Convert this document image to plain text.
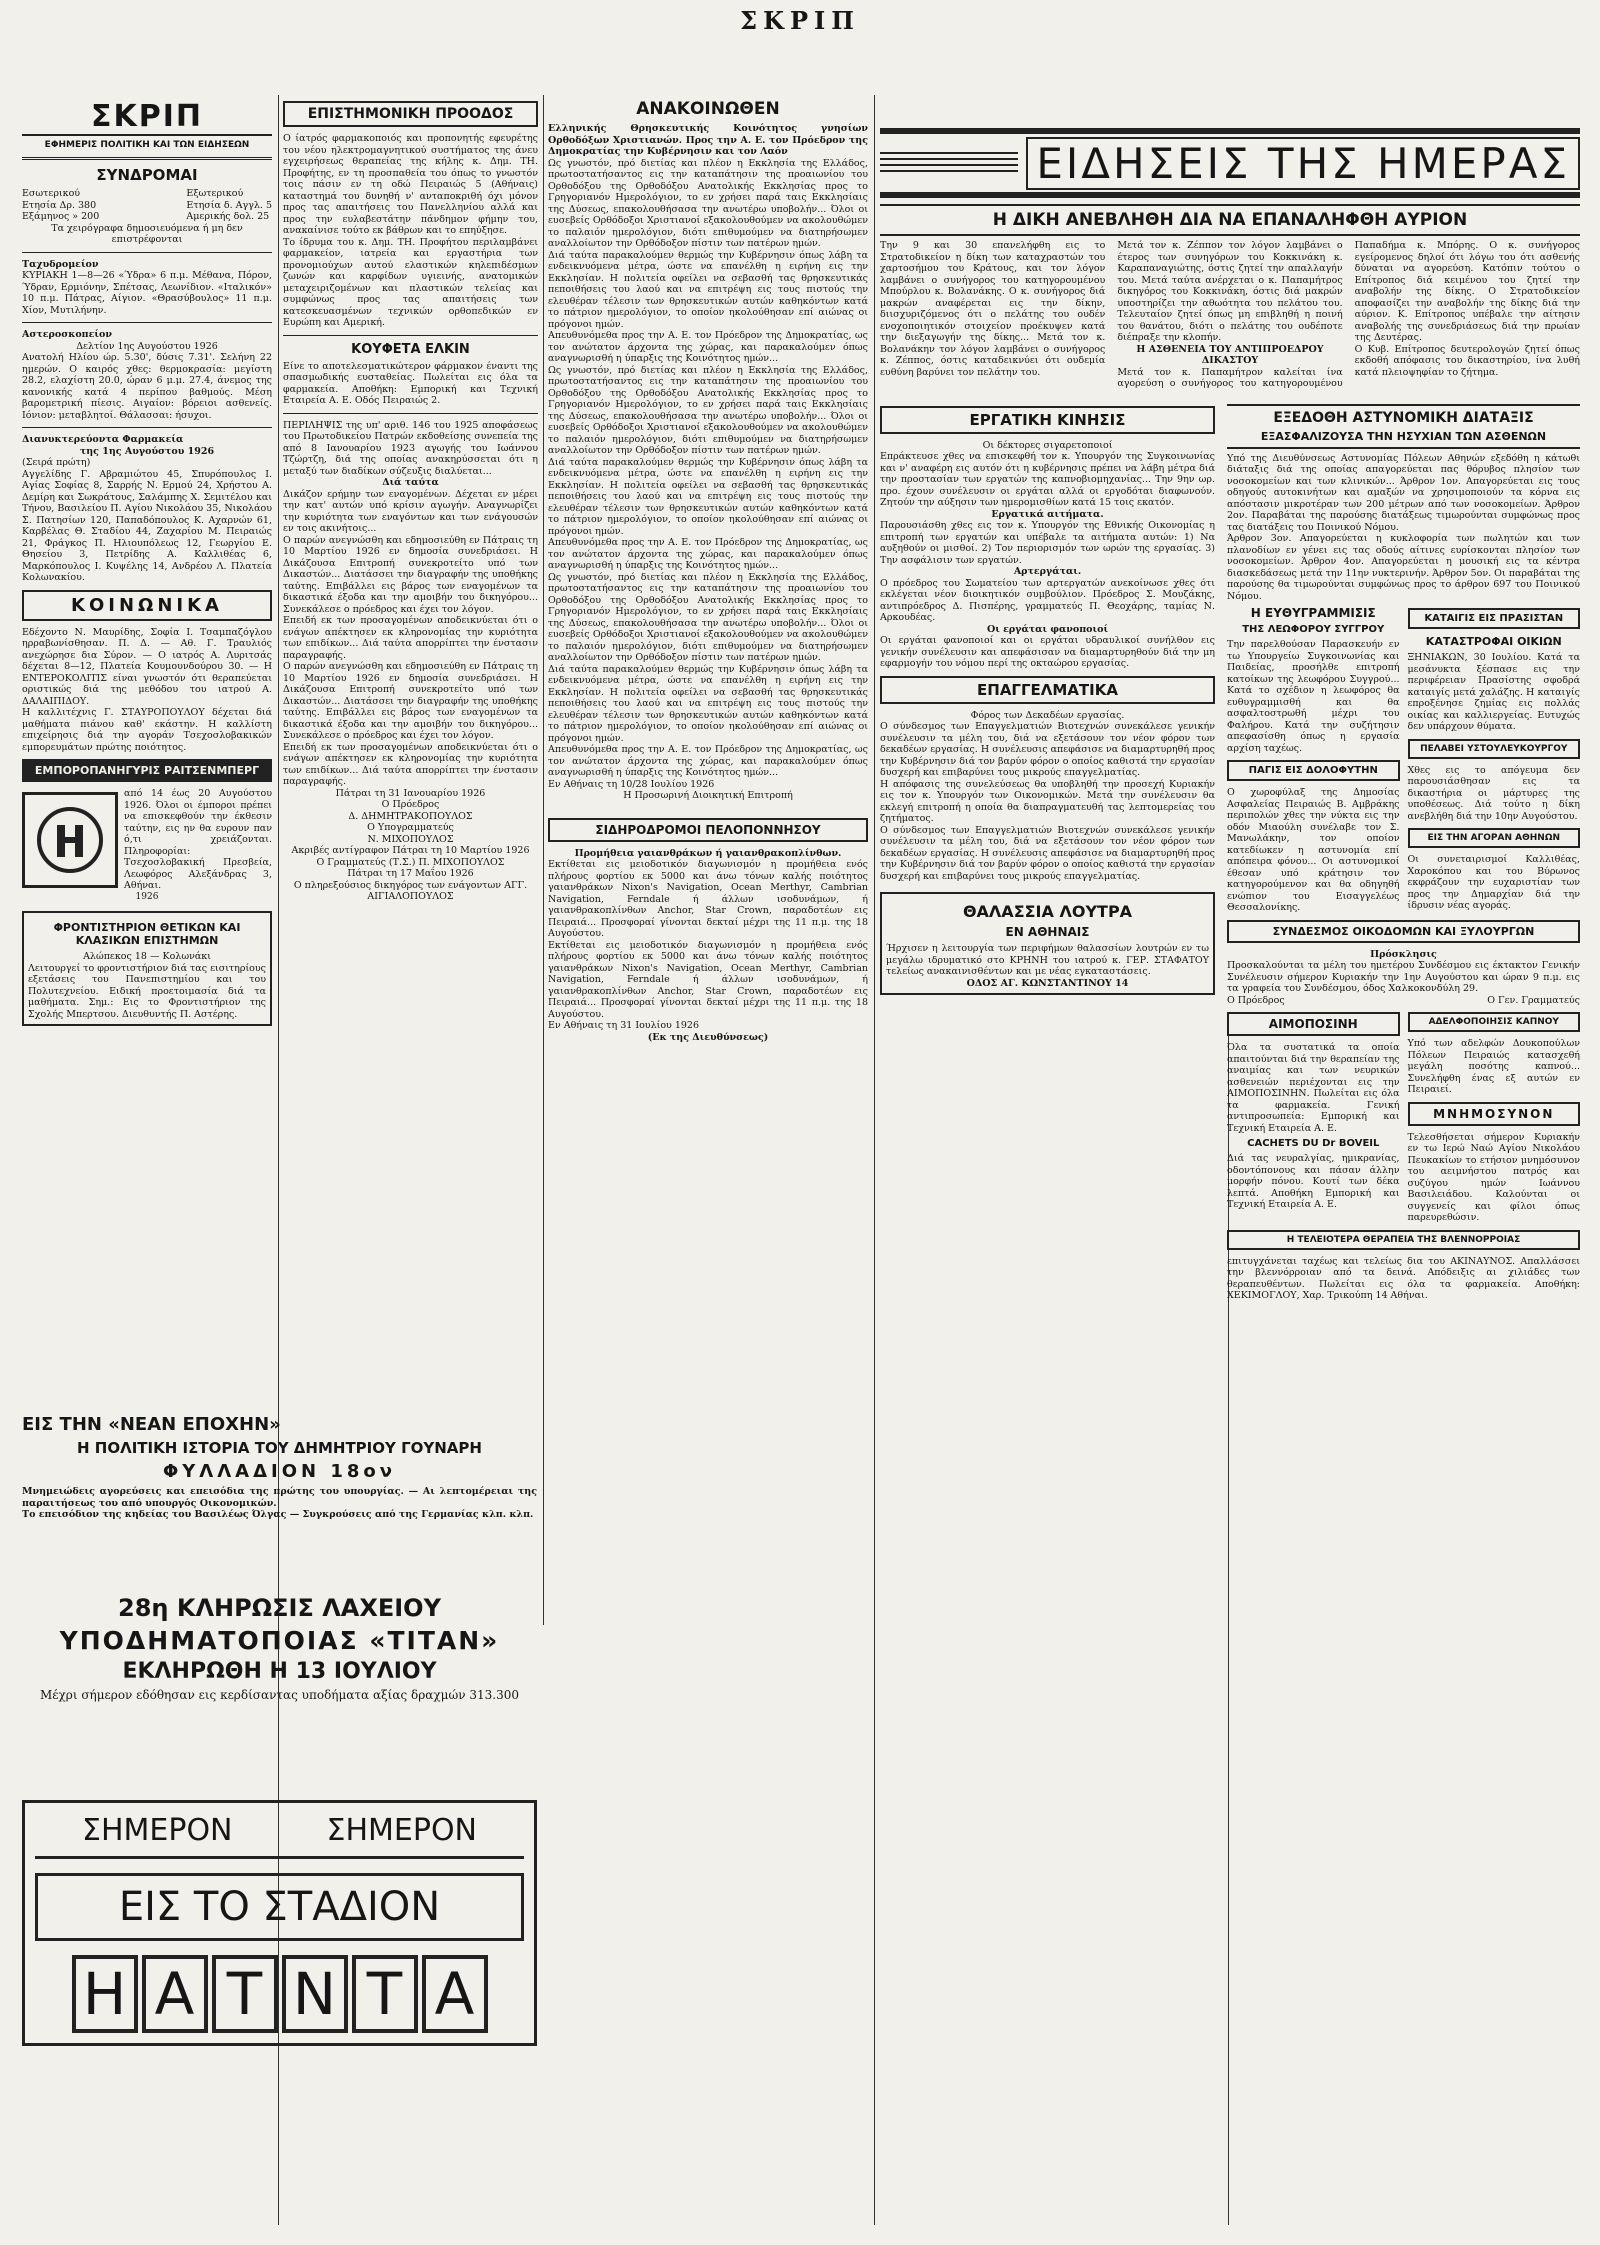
ΣΚΡΙΠ
ΣΚΡΙΠ
ΕΦΗΜΕΡΙΣ ΠΟΛΙΤΙΚΗ ΚΑΙ ΤΩΝ ΕΙΔΗΣΕΩΝ
ΣΥΝΔΡΟΜΑΙ
Εσωτερικού
Ετησία Δρ. 380
Εξάμηνος » 200
Εξωτερικού
Ετησία δ. Αγγλ. 5
Αμερικής δολ. 25

Τα χειρόγραφα δημοσιευόμενα ή μη δεν επιστρέφονται

Ταχυδρομείον

ΚΥΡΙΑΚΗ 1—8—26 «Ύδρα» 6 π.μ. Μέθανα, Πόρον, Ύδραν, Ερμιόνην, Σπέτσας, Λεωνίδιον. «Ιταλικόν» 10 π.μ. Πάτρας, Αίγιον. «Θρασύβουλος» 11 π.μ. Χίον, Μυτιλήνην.

Αστεροσκοπείον
Δελτίον 1ης Αυγούστου 1926

Ανατολή Ηλίου ώρ. 5.30', δύσις 7.31'. Σελήνη 22 ημερών. Ο καιρός χθες: θερμοκρασία: μεγίστη 28.2, ελαχίστη 20.0, ώραν 6 μ.μ. 27.4, άνεμος της κανονικής κατά 4 περίπου βαθμούς. Μέση βαρομετρική πίεσις. Αιγαίον: βόρειοι ασθενείς. Ιόνιον: μεταβλητοί. Θάλασσαι: ήσυχοι.

Διανυκτερεύοντα Φαρμακεία
της 1ης Αυγούστου 1926
(Σειρά πρώτη)

Αγγελίδης Γ. Αβραμιώτου 45, Σπυρόπουλος Ι. Αγίας Σοφίας 8, Σαρρής Ν. Ερμού 24, Χρήστου Α. Δεμίρη και Σωκράτους, Σαλάμπης Χ. Σεμιτέλου και Τήνου, Βασιλείου Π. Αγίου Νικολάου 35, Νικολάου Σ. Πατησίων 120, Παπαδόπουλος Κ. Αχαρνών 61, Καρβέλας Θ. Σταδίου 44, Ζαχαρίου Μ. Πειραιώς 21, Φράγκος Π. Ηλιουπόλεως 12, Γεωργίου Ε. Θησείου 3, Πετρίδης Α. Καλλιθέας 6, Μαρκόπουλος Ι. Κυψέλης 14, Ανδρέου Λ. Πλατεία Κολωνακίου.

ΚΟΙΝΩΝΙΚΑ

Εδέχοντο Ν. Μαυρίδης, Σοφία Ι. Τσαμπαζόγλου ηρραβωνίσθησαν. Π. Δ. — Αθ. Γ. Τραυλιός ανεχώρησε δια Σύρον. — Ο ιατρός Α. Λυριτσάς δέχεται 8—12, Πλατεία Κουμουνδούρου 30. — Η ΕΝΤΕΡΟΚΟΛΙΤΙΣ είναι γνωστόν ότι θεραπεύεται οριστικώς διά της μεθόδου του ιατρού Α. ΔΑΛΑΙΠΙΔΟΥ.

Η καλλιτέχνις Γ. ΣΤΑΥΡΟΠΟΥΛΟΥ δέχεται διά μαθήματα πιάνου καθ' εκάστην. Η καλλίστη επιχείρησις διά την αγοράν Τσεχοσλοβακικών εμπορευμάτων πρώτης ποιότητος.

ΕΜΠΟΡΟΠΑΝΗΓΥΡΙΣ ΡΑΙΤΣΕΝΜΠΕΡΓ

από 14 έως 20 Αυγούστου 1926. Όλοι οι έμποροι πρέπει να επισκεφθούν την έκθεσιν ταύτην, εις ην θα ευρουν παν ό,τι χρειάζονται. Πληροφορίαι: Τσεχοσλοβακική Πρεσβεία, Λεωφόρος Αλεξάνδρας 3, Αθήναι.

1926
ΦΡΟΝΤΙΣΤΗΡΙΟΝ ΘΕΤΙΚΩΝ ΚΑΙ ΚΛΑΣΙΚΩΝ ΕΠΙΣΤΗΜΩΝ
Αλώπεκος 18 — Κολωνάκι

Λειτουργεί το φροντιστήριον διά τας εισιτηρίους εξετάσεις του Πανεπιστημίου και του Πολυτεχνείου. Ειδική προετοιμασία διά τα μαθήματα. Σημ.: Εις το Φροντιστήριον της Σχολής Μπερτσου. Διευθυντής Π. Αστέρης.

ΕΠΙΣΤΗΜΟΝΙΚΗ ΠΡΟΟΔΟΣ

Ο ίατρός φαρμακοποιός και προπονητής εφευρέτης του νέου ηλεκτρομαγνητικού συστήματος της άνευ εγχειρήσεως θεραπείας της κήλης κ. Δημ. ΤΗ. Προφήτης, εν τη προσπαθεία του όπως το γνωστόν τοις πάσιν εν τη οδώ Πειραιώς 5 (Αθήναις) καταστημά του δυνηθή ν' ανταποκριθή όχι μόνον προς τας απαιτήσεις του Πανελληνίου αλλά και προς την ευλαβεστάτην πάνδημον φήμην του, ανακαίνισε τούτο εκ βάθρων και το επηύξησε.

Το ίδρυμα του κ. Δημ. ΤΗ. Προφήτου περιλαμβάνει φαρμακείον, ιατρεία και εργαστήρια των προνομιούχων αυτού ελαστικών κηλεπιδέσμων ζωνών και καρφίδων υγιεινής, ανατομικών μεταχειριζομένων και πλαστικών τελείας και συμφώνως προς τας απαιτήσεις των κατεσκευασμένων τεχνικών ορθοπεδικών εν Ευρώπη και Αμερική.

ΚΟΥΦΕΤΑ ΕΛΚΙΝ

Είνε το αποτελεσματικώτερον φάρμακον έναντι της σπασμωδικής ευσταθείας. Πωλείται εις όλα τα φαρμακεία. Αποθήκη: Εμπορική και Τεχνική Εταιρεία Α. Ε. Οδός Πειραιώς 2.

ΠΕΡΙΛΗΨΙΣ της υπ' αριθ. 146 του 1925 αποφάσεως του Πρωτοδικείου Πατρών εκδοθείσης συνεπεία της από 8 Ιανουαρίου 1923 αγωγής του Ιωάννου Τζώρτζη, διά της οποίας ανακηρύσσεται ότι η μεταξύ των διαδίκων σύζευξις διαλύεται...

Διά ταύτα

Δικάζον ερήμην των εναγομένων. Δέχεται εν μέρει την κατ' αυτών υπό κρίσιν αγωγήν. Αναγνωρίζει την κυριότητα των εναγόντων και των ενάγουσών εν τοις ακινήτοις...

Ο παρών ανεγνώσθη και εδημοσιεύθη εν Πάτραις τη 10 Μαρτίου 1926 εν δημοσία συνεδριάσει. Η Δικάζουσα Επιτροπή συνεκροτείτο υπό των Δικαστών... Διατάσσει την διαγραφήν της υποθήκης ταύτης. Επιβάλλει εις βάρος των εναγομένων τα δικαστικά έξοδα και την αμοιβήν του δικηγόρου... Συνεκάλεσε ο πρόεδρος και έχει τον λόγον.

Επειδή εκ των προσαγομένων αποδεικνύεται ότι ο ενάγων απέκτησεν εκ κληρονομίας την κυριότητα των επιδίκων... Διά ταύτα απορρίπτει την ένστασιν παραγραφής.

Ο παρών ανεγνώσθη και εδημοσιεύθη εν Πάτραις τη 10 Μαρτίου 1926 εν δημοσία συνεδριάσει. Η Δικάζουσα Επιτροπή συνεκροτείτο υπό των Δικαστών... Διατάσσει την διαγραφήν της υποθήκης ταύτης. Επιβάλλει εις βάρος των εναγομένων τα δικαστικά έξοδα και την αμοιβήν του δικηγόρου... Συνεκάλεσε ο πρόεδρος και έχει τον λόγον.

Επειδή εκ των προσαγομένων αποδεικνύεται ότι ο ενάγων απέκτησεν εκ κληρονομίας την κυριότητα των επιδίκων... Διά ταύτα απορρίπτει την ένστασιν παραγραφής.

Πάτραι τη 31 Ιανουαρίου 1926
Ο Πρόεδρος
Δ. ΔΗΜΗΤΡΑΚΟΠΟΥΛΟΣ
Ο Υπογραμματεύς
Ν. ΜΙΧΟΠΟΥΛΟΣ
Ακριβές αντίγραφον Πάτραι τη 10 Μαρτίου 1926
Ο Γραμματεύς (Τ.Σ.) Π. ΜΙΧΟΠΟΥΛΟΣ
Πάτραι τη 17 Μαΐου 1926
Ο πληρεξούσιος δικηγόρος των ενάγοντων ΑΓΓ. ΑΙΓΙΑΛΟΠΟΥΛΟΣ
ΑΝΑΚΟΙΝΩΘΕΝ

Ελληνικής Θρησκευτικής Κοινότητος γνησίων Ορθοδόξων Χριστιανών. Προς την Α. Ε. τον Πρόεδρον της Δημοκρατίας την Κυβέρνησιν και τον Λαόν

Ως γνωστόν, πρό διετίας και πλέον η Εκκλησία της Ελλάδος, πρωτοστατήσαντος εις την καταπάτησιν της προαιωνίου του Ορθοδόξου της Ορθοδόξου Ανατολικής Εκκλησίας προς το Γρηγοριανόν Ημερολόγιον, το εν χρήσει παρά ταις Εκκλησίαις της Δύσεως, επακολουθήσασα την ανωτέρω υποβολήν... Όλοι οι ευσεβείς Ορθόδοξοι Χριστιανοί εξακολουθούμεν να ακολουθώμεν το παλαιόν ημερολόγιον, διότι επιθυμούμεν να διατηρήσωμεν αναλλοίωτον την Ορθόδοξον πίστιν των πατέρων ημών.

Διά ταύτα παρακαλούμεν θερμώς την Κυβέρνησιν όπως λάβη τα ενδεικνυόμενα μέτρα, ώστε να επανέλθη η ειρήνη εις την Εκκλησίαν. Η πολιτεία οφείλει να σεβασθή τας θρησκευτικάς πεποιθήσεις του λαού και να επιτρέψη εις τους πιστούς την ελευθέραν τέλεσιν των θρησκευτικών αυτών καθηκόντων κατά το πάτριον ημερολόγιον, το οποίον ηκολούθησαν επί αιώνας οι πρόγονοι ημών.

Απευθυνόμεθα προς την Α. Ε. τον Πρόεδρον της Δημοκρατίας, ως τον ανώτατον άρχοντα της χώρας, και παρακαλούμεν όπως αναγνωρισθή η ύπαρξις της Κοινότητος ημών...

Ως γνωστόν, πρό διετίας και πλέον η Εκκλησία της Ελλάδος, πρωτοστατήσαντος εις την καταπάτησιν της προαιωνίου του Ορθοδόξου της Ορθοδόξου Ανατολικής Εκκλησίας προς το Γρηγοριανόν Ημερολόγιον, το εν χρήσει παρά ταις Εκκλησίαις της Δύσεως, επακολουθήσασα την ανωτέρω υποβολήν... Όλοι οι ευσεβείς Ορθόδοξοι Χριστιανοί εξακολουθούμεν να ακολουθώμεν το παλαιόν ημερολόγιον, διότι επιθυμούμεν να διατηρήσωμεν αναλλοίωτον την Ορθόδοξον πίστιν των πατέρων ημών.

Διά ταύτα παρακαλούμεν θερμώς την Κυβέρνησιν όπως λάβη τα ενδεικνυόμενα μέτρα, ώστε να επανέλθη η ειρήνη εις την Εκκλησίαν. Η πολιτεία οφείλει να σεβασθή τας θρησκευτικάς πεποιθήσεις του λαού και να επιτρέψη εις τους πιστούς την ελευθέραν τέλεσιν των θρησκευτικών αυτών καθηκόντων κατά το πάτριον ημερολόγιον, το οποίον ηκολούθησαν επί αιώνας οι πρόγονοι ημών.

Απευθυνόμεθα προς την Α. Ε. τον Πρόεδρον της Δημοκρατίας, ως τον ανώτατον άρχοντα της χώρας, και παρακαλούμεν όπως αναγνωρισθή η ύπαρξις της Κοινότητος ημών...

Ως γνωστόν, πρό διετίας και πλέον η Εκκλησία της Ελλάδος, πρωτοστατήσαντος εις την καταπάτησιν της προαιωνίου του Ορθοδόξου της Ορθοδόξου Ανατολικής Εκκλησίας προς το Γρηγοριανόν Ημερολόγιον, το εν χρήσει παρά ταις Εκκλησίαις της Δύσεως, επακολουθήσασα την ανωτέρω υποβολήν... Όλοι οι ευσεβείς Ορθόδοξοι Χριστιανοί εξακολουθούμεν να ακολουθώμεν το παλαιόν ημερολόγιον, διότι επιθυμούμεν να διατηρήσωμεν αναλλοίωτον την Ορθόδοξον πίστιν των πατέρων ημών.

Διά ταύτα παρακαλούμεν θερμώς την Κυβέρνησιν όπως λάβη τα ενδεικνυόμενα μέτρα, ώστε να επανέλθη η ειρήνη εις την Εκκλησίαν. Η πολιτεία οφείλει να σεβασθή τας θρησκευτικάς πεποιθήσεις του λαού και να επιτρέψη εις τους πιστούς την ελευθέραν τέλεσιν των θρησκευτικών αυτών καθηκόντων κατά το πάτριον ημερολόγιον, το οποίον ηκολούθησαν επί αιώνας οι πρόγονοι ημών.

Απευθυνόμεθα προς την Α. Ε. τον Πρόεδρον της Δημοκρατίας, ως τον ανώτατον άρχοντα της χώρας, και παρακαλούμεν όπως αναγνωρισθή η ύπαρξις της Κοινότητος ημών...

Εν Αθήναις τη 10/28 Ιουλίου 1926
Η Προσωρινή Διοικητική Επιτροπή
ΣΙΔΗΡΟΔΡΟΜΟΙ ΠΕΛΟΠΟΝΝΗΣΟΥ
Προμήθεια γαιανθράκων ή γαιανθρακοπλίνθων.

Εκτίθεται εις μειοδοτικόν διαγωνισμόν η προμήθεια ενός πλήρους φορτίου εκ 5000 και άνω τόνων καλής ποιότητος γαιανθράκων Nixon's Navigation, Ocean Merthyr, Cambrian Navigation, Ferndale ή άλλων ισοδυνάμων, ή γαιανθρακοπλίνθων Anchor, Star Crown, παραδοτέων εις Πειραιά... Προσφοραί γίνονται δεκταί μέχρι της 11 π.μ. της 18 Αυγούστου.

Εκτίθεται εις μειοδοτικόν διαγωνισμόν η προμήθεια ενός πλήρους φορτίου εκ 5000 και άνω τόνων καλής ποιότητος γαιανθράκων Nixon's Navigation, Ocean Merthyr, Cambrian Navigation, Ferndale ή άλλων ισοδυνάμων, ή γαιανθρακοπλίνθων Anchor, Star Crown, παραδοτέων εις Πειραιά... Προσφοραί γίνονται δεκταί μέχρι της 11 π.μ. της 18 Αυγούστου.

Εν Αθήναις τη 31 Ιουλίου 1926
(Εκ της Διευθύνσεως)
ΕΙΔΗΣΕΙΣ ΤΗΣ ΗΜΕΡΑΣ
Η ΔΙΚΗ ΑΝΕΒΛΗΘΗ ΔΙΑ ΝΑ ΕΠΑΝΑΛΗΦΘΗ ΑΥΡΙΟΝ

Την 9 και 30 επανελήφθη εις το Στρατοδικείον η δίκη των καταχραστών του χαρτοσήμου του Κράτους, και τον λόγον λαμβάνει ο συνήγορος του κατηγορουμένου Μπούρλου κ. Βολανάκης. Ο κ. συνήγορος διά μακρών αναφέρεται εις την δίκην, διισχυριζόμενος ότι ο πελάτης του ουδέν ενοχοποιητικόν στοιχείον προέκυψεν κατά την διεξαγωγήν της δίκης... Μετά τον κ. Βολανάκην τον λόγον λαμβάνει ο συνήγορος κ. Ζέππος, όστις καταδεικνύει ότι ουδεμία ευθύνη βαρύνει τον πελάτην του.

Μετά τον κ. Ζέππον τον λόγον λαμβάνει ο έτερος των συνηγόρων του Κοκκινάκη κ. Καραπαναγιώτης, όστις ζητεί την απαλλαγήν του. Μετά ταύτα ανέρχεται ο κ. Παπαμήτρος δικηγόρος του Κοκκινάκη, όστις διά μακρών υποστηρίζει την αθωότητα του πελάτου του. Τελευταίον ζητεί όπως μη επιβληθή η ποινή του θανάτου, διότι ο πελάτης του ουδέποτε διέπραξε την κλοπήν.

Η ΑΣΘΕΝΕΙΑ ΤΟΥ ΑΝΤΙΠΡΟΕΔΡΟΥ ΔΙΚΑΣΤΟΥ

Μετά τον κ. Παπαμήτρον καλείται ίνα αγορεύση ο συνήγορος του κατηγορουμένου Παπαδήμα κ. Μπόρης. Ο κ. συνήγορος εγείρομενος δηλοί ότι λόγω του ότι ασθενής δύναται να αγορεύση. Κατόπιν τούτου ο Επίτροπος διά κειμένου του ζητεί την αναβολήν της δίκης. Ο Στρατοδικείον αποφασίζει την αναβολήν της δίκης διά την αύριον. Κ. Επίτροπος υπέβαλε την αίτησιν αναβολής της συνεδριάσεως διά την πρωίαν της Δευτέρας.

Ο Κυβ. Επίτροπος δευτερολογών ζητεί όπως εκδοθή απόφασις του δικαστηρίου, ίνα λυθή κατά πλειοψηφίαν το ζήτημα.

ΕΡΓΑΤΙΚΗ ΚΙΝΗΣΙΣ
Οι δέκτορες σιγαρετοποιοί

Επράκτευσε χθες να επισκεφθή τον κ. Υπουργόν της Συγκοινωνίας και ν' αναφέρη εις αυτόν ότι η κυβέρνησις πρέπει να λάβη μέτρα διά την προστασίαν των εργατών της καπνοβιομηχανίας... Την 9ην ωρ. προ. έχουν συνέλευσιν οι εργάται αλλά οι εργοδόται διαφωνούν. Ζητούν την αύξησιν των ημερομισθίων κατά 15 τοις εκατόν.

Εργατικά αιτήματα.

Παρουσιάσθη χθες εις τον κ. Υπουργόν της Εθνικής Οικονομίας η επιτροπή των εργατών και υπέβαλε τα αιτήματα αυτών: 1) Να αυξηθούν οι μισθοί. 2) Τον περιορισμόν των ωρών της εργασίας. 3) Την ασφάλισιν των εργατών.

Αρτεργάται.

Ο πρόεδρος του Σωματείου των αρτεργατών ανεκοίνωσε χθες ότι εκλέγεται νέον διοικητικόν συμβούλιον. Πρόεδρος Σ. Μουζάκης, αντιπρόεδρος Δ. Πισπέρης, γραμματεύς Π. Θεοχάρης, ταμίας Ν. Αρκουδέας.

Οι εργάται φανοποιοί

Οι εργάται φανοποιοί και οι εργάται υδραυλικοί συνήλθον εις γενικήν συνέλευσιν και απεφάσισαν να διαμαρτυρηθούν διά την μη εφαρμογήν του νόμου περί της οκταώρου εργασίας.

ΕΠΑΓΓΕΛΜΑΤΙΚΑ
Φόρος των Δεκαδέων εργασίας.

Ο σύνδεσμος των Επαγγελματιών Βιοτεχνών συνεκάλεσε γενικήν συνέλευσιν τα μέλη του, διά να εξετάσουν τον νέον φόρον των δεκαδέων εργασίας. Η συνέλευσις απεφάσισε να διαμαρτυρηθή προς την Κυβέρνησιν διά τον βαρύν φόρον ο οποίος καθιστά την εργασίαν δυσχερή και επιβαρύνει τους μικρούς επαγγελματίας.

Η απόφασις της συνελεύσεως θα υποβληθή την προσεχή Κυριακήν εις τον κ. Υπουργόν των Οικονομικών. Μετά την συνέλευσιν θα εκλεγή επιτροπή η οποία θα διαπραγματευθή τας λεπτομερείας του ζητήματος.

Ο σύνδεσμος των Επαγγελματιών Βιοτεχνών συνεκάλεσε γενικήν συνέλευσιν τα μέλη του, διά να εξετάσουν τον νέον φόρον των δεκαδέων εργασίας. Η συνέλευσις απεφάσισε να διαμαρτυρηθή προς την Κυβέρνησιν διά τον βαρύν φόρον ο οποίος καθιστά την εργασίαν δυσχερή και επιβαρύνει τους μικρούς επαγγελματίας.

ΘΑΛΑΣΣΙΑ ΛΟΥΤΡΑ
ΕΝ ΑΘΗΝΑΙΣ

Ήρχισεν η λειτουργία των περιφήμων θαλασσίων λουτρών εν τω μεγάλω ιδρυματικό στο ΚΡΗΝΗ του ιατρού κ. ΓΕΡ. ΣΤΑΦΑΤΟΥ τελείως ανακαινισθέντων και με νέας εγκαταστάσεις.

ΟΔΟΣ ΑΓ. ΚΩΝΣΤΑΝΤΙΝΟΥ 14
ΕΞΕΔΟΘΗ ΑΣΤΥΝΟΜΙΚΗ ΔΙΑΤΑΞΙΣ
ΕΞΑΣΦΑΛΙΖΟΥΣΑ ΤΗΝ ΗΣΥΧΙΑΝ ΤΩΝ ΑΣΘΕΝΩΝ

Υπό της Διευθύνσεως Αστυνομίας Πόλεων Αθηνών εξεδόθη η κάτωθι διάταξις διά της οποίας απαγορεύεται πας θόρυβος πλησίον των νοσοκομείων και των κλινικών... Άρθρον 1ον. Απαγορεύεται εις τους οδηγούς αυτοκινήτων και αμαξών να χρησιμοποιούν τα κόρνα εις απόστασιν μικροτέραν των 200 μέτρων από των νοσοκομείων. Άρθρον 2ον. Παραβάται της παρούσης διατάξεως τιμωρούνται συμφώνως προς τας διατάξεις του Ποινικού Νόμου.

Άρθρον 3ον. Απαγορεύεται η κυκλοφορία των πωλητών και των πλανοδίων εν γένει εις τας οδούς αίτινες ευρίσκονται πλησίον των νοσοκομείων. Άρθρον 4ον. Απαγορεύεται η μουσική εις τα κέντρα διασκεδάσεως μετά την 11ην νυκτερινήν. Άρθρον 5ον. Οι παραβάται της παρούσης θα τιμωρούνται συμφώνως προς το άρθρον 697 του Ποινικού Νόμου.

Η ΕΥΘΥΓΡΑΜΜΙΣΙΣ
ΤΗΣ ΛΕΩΦΟΡΟΥ ΣΥΓΓΡΟΥ

Την παρελθούσαν Παρασκευήν εν τω Υπουργείω Συγκοινωνίας και Παιδείας, προσήλθε επιτροπή κατοίκων της λεωφόρου Συγγρού... Κατά το σχέδιον η λεωφόρος θα ευθυγραμμισθή και θα ασφαλτοστρωθή μέχρι του Φαλήρου. Κατά την συζήτησιν απεφασίσθη όπως η εργασία αρχίση ταχέως.

ΠΑΓΙΣ ΕΙΣ ΔΟΛΟΦΥΤΗΝ

Ο χωροφύλαξ της Δημοσίας Ασφαλείας Πειραιώς Β. Αμβράκης περιπολών χθες την νύκτα εις την οδόν Μιαούλη συνέλαβε τον Σ. Μανωλάκην, τον οποίον κατεδίωκεν η αστυνομία επί απόπειρα φόνου... Οι αστυνομικοί έθεσαν υπό κράτησιν τον κατηγορούμενον και θα οδηγηθή ενώπιον του Εισαγγελέως Θεσσαλονίκης.

ΚΑΤΑΙΓΙΣ ΕΙΣ ΠΡΑΣΙΣΤΑΝ
ΚΑΤΑΣΤΡΟΦΑΙ ΟΙΚΙΩΝ

ΞΗΝΙΑΚΩΝ, 30 Ιουλίου. Κατά τα μεσάνυκτα ξέσπασε εις την περιφέρειαν Πρασίστης σφοδρά καταιγίς μετά χαλάζης. Η καταιγίς επροξένησε ζημίας εις πολλάς οικίας και καλλιεργείας. Ευτυχώς δεν υπάρχουν θύματα.

ΠΕΛΑΒΕΙ ΥΣΤΟΥΛΕΥΚΟΥΡΓΟΥ

Χθες εις το απόγευμα δεν παρουσιάσθησαν εις τα δικαστήρια οι μάρτυρες της υποθέσεως. Διά τούτο η δίκη ανεβλήθη διά την 10ην Αυγούστου.

ΕΙΣ ΤΗΝ ΑΓΟΡΑΝ ΑΘΗΝΩΝ

Οι συνεταιρισμοί Καλλιθέας, Χαροκόπου και του Βύρωνος εκφράζουν την ευχαριστίαν των προς την Δημαρχίαν διά την ίδρυσιν νέας αγοράς.

ΣΥΝΔΕΣΜΟΣ ΟΙΚΟΔΟΜΩΝ ΚΑΙ ΞΥΛΟΥΡΓΩΝ
Πρόσκλησις

Προσκαλούνται τα μέλη του ημετέρου Συνδέσμου εις έκτακτον Γενικήν Συνέλευσιν σήμερον Κυριακήν την 1ην Αυγούστου και ώραν 9 π.μ. εις τα γραφεία του Συνδέσμου, όδος Χαλκοκονδύλη 29.

Ο Πρόεδρος	Ο Γεν. Γραμματεύς
ΑΙΜΟΠΟΣΙΝΗ

Όλα τα συστατικά τα οποία απαιτούνται διά την θεραπείαν της αναιμίας και των νευρικών ασθενειών περιέχονται εις την ΑΙΜΟΠΟΣΙΝΗΝ. Πωλείται εις όλα τα φαρμακεία. Γενική αντιπροσωπεία: Εμπορική και Τεχνική Εταιρεία Α. Ε.

CACHETS DU Dr BOVEIL

Διά τας νευραλγίας, ημικρανίας, οδοντόπονους και πάσαν άλλην μορφήν πόνου. Κουτί των δέκα λεπτά. Αποθήκη Εμπορική και Τεχνική Εταιρεία Α. Ε.

ΑΔΕΛΦΟΠΟΙΗΣΙΣ ΚΑΠΝΟΥ

Υπό των αδελφών Δουκοπούλων Πόλεων Πειραιώς κατασχεθή μεγάλη ποσότης καπνού... Συνελήφθη ένας εξ αυτών εν Πειραιεί.

ΜΝΗΜΟΣΥΝΟΝ

Τελεσθήσεται σήμερον Κυριακήν εν τω Ιερώ Ναώ Αγίου Νικολάου Πευκακίων το ετήσιον μνημόσυνον του αειμνήστου πατρός και συζύγου ημών Ιωάννου Βασιλειάδου. Καλούνται οι συγγενείς και φίλοι όπως παρευρεθώσιν.

Η ΤΕΛΕΙΟΤΕΡΑ ΘΕΡΑΠΕΙΑ ΤΗΣ ΒΛΕΝΝΟΡΡΟΙΑΣ

επιτυγχάνεται ταχέως και τελείως δια του ΑΚΙΝΑΥΝΟΣ. Απαλλάσσει την βλεννόρροιαν από τα δεινά. Απόδειξις αι χιλιάδες των θεραπευθέντων. Πωλείται εις όλα τα φαρμακεία. Αποθήκη: ΧΕΚΙΜΟΓΛΟΥ, Χαρ. Τρικούπη 14 Αθήναι.

ΕΙΣ ΤΗΝ «ΝΕΑΝ ΕΠΟΧΗΝ»
Η ΠΟΛΙΤΙΚΗ ΙΣΤΟΡΙΑ ΤΟΥ ΔΗΜΗΤΡΙΟΥ ΓΟΥΝΑΡΗ
ΦΥΛΛΑΔΙΟΝ 18ον

Μνημειώδεις αγορεύσεις και επεισόδια της πρώτης του υπουργίας. — Αι λεπτομέρειαι της παραιτήσεως του από υπουργός Οικονομικών.

Το επεισόδιον της κηδείας του Βασιλέως Όλγας — Συγκρούσεις από της Γερμανίας κλπ. κλπ.

28η ΚΛΗΡΩΣΙΣ ΛΑΧΕΙΟΥ
ΥΠΟΔΗΜΑΤΟΠΟΙΑΣ «ΤΙΤΑΝ»
ΕΚΛΗΡΩΘΗ Η 13 ΙΟΥΛΙΟΥ

Μέχρι σήμερον εδόθησαν εις κερδίσαντας υποδήματα αξίας δραχμών 313.300

ΣΗΜΕΡΟΝ	ΣΗΜΕΡΟΝ
ΕΙΣ ΤΟ ΣΤΑΔΙΟΝ
Η Α Τ Ν Τ Α
